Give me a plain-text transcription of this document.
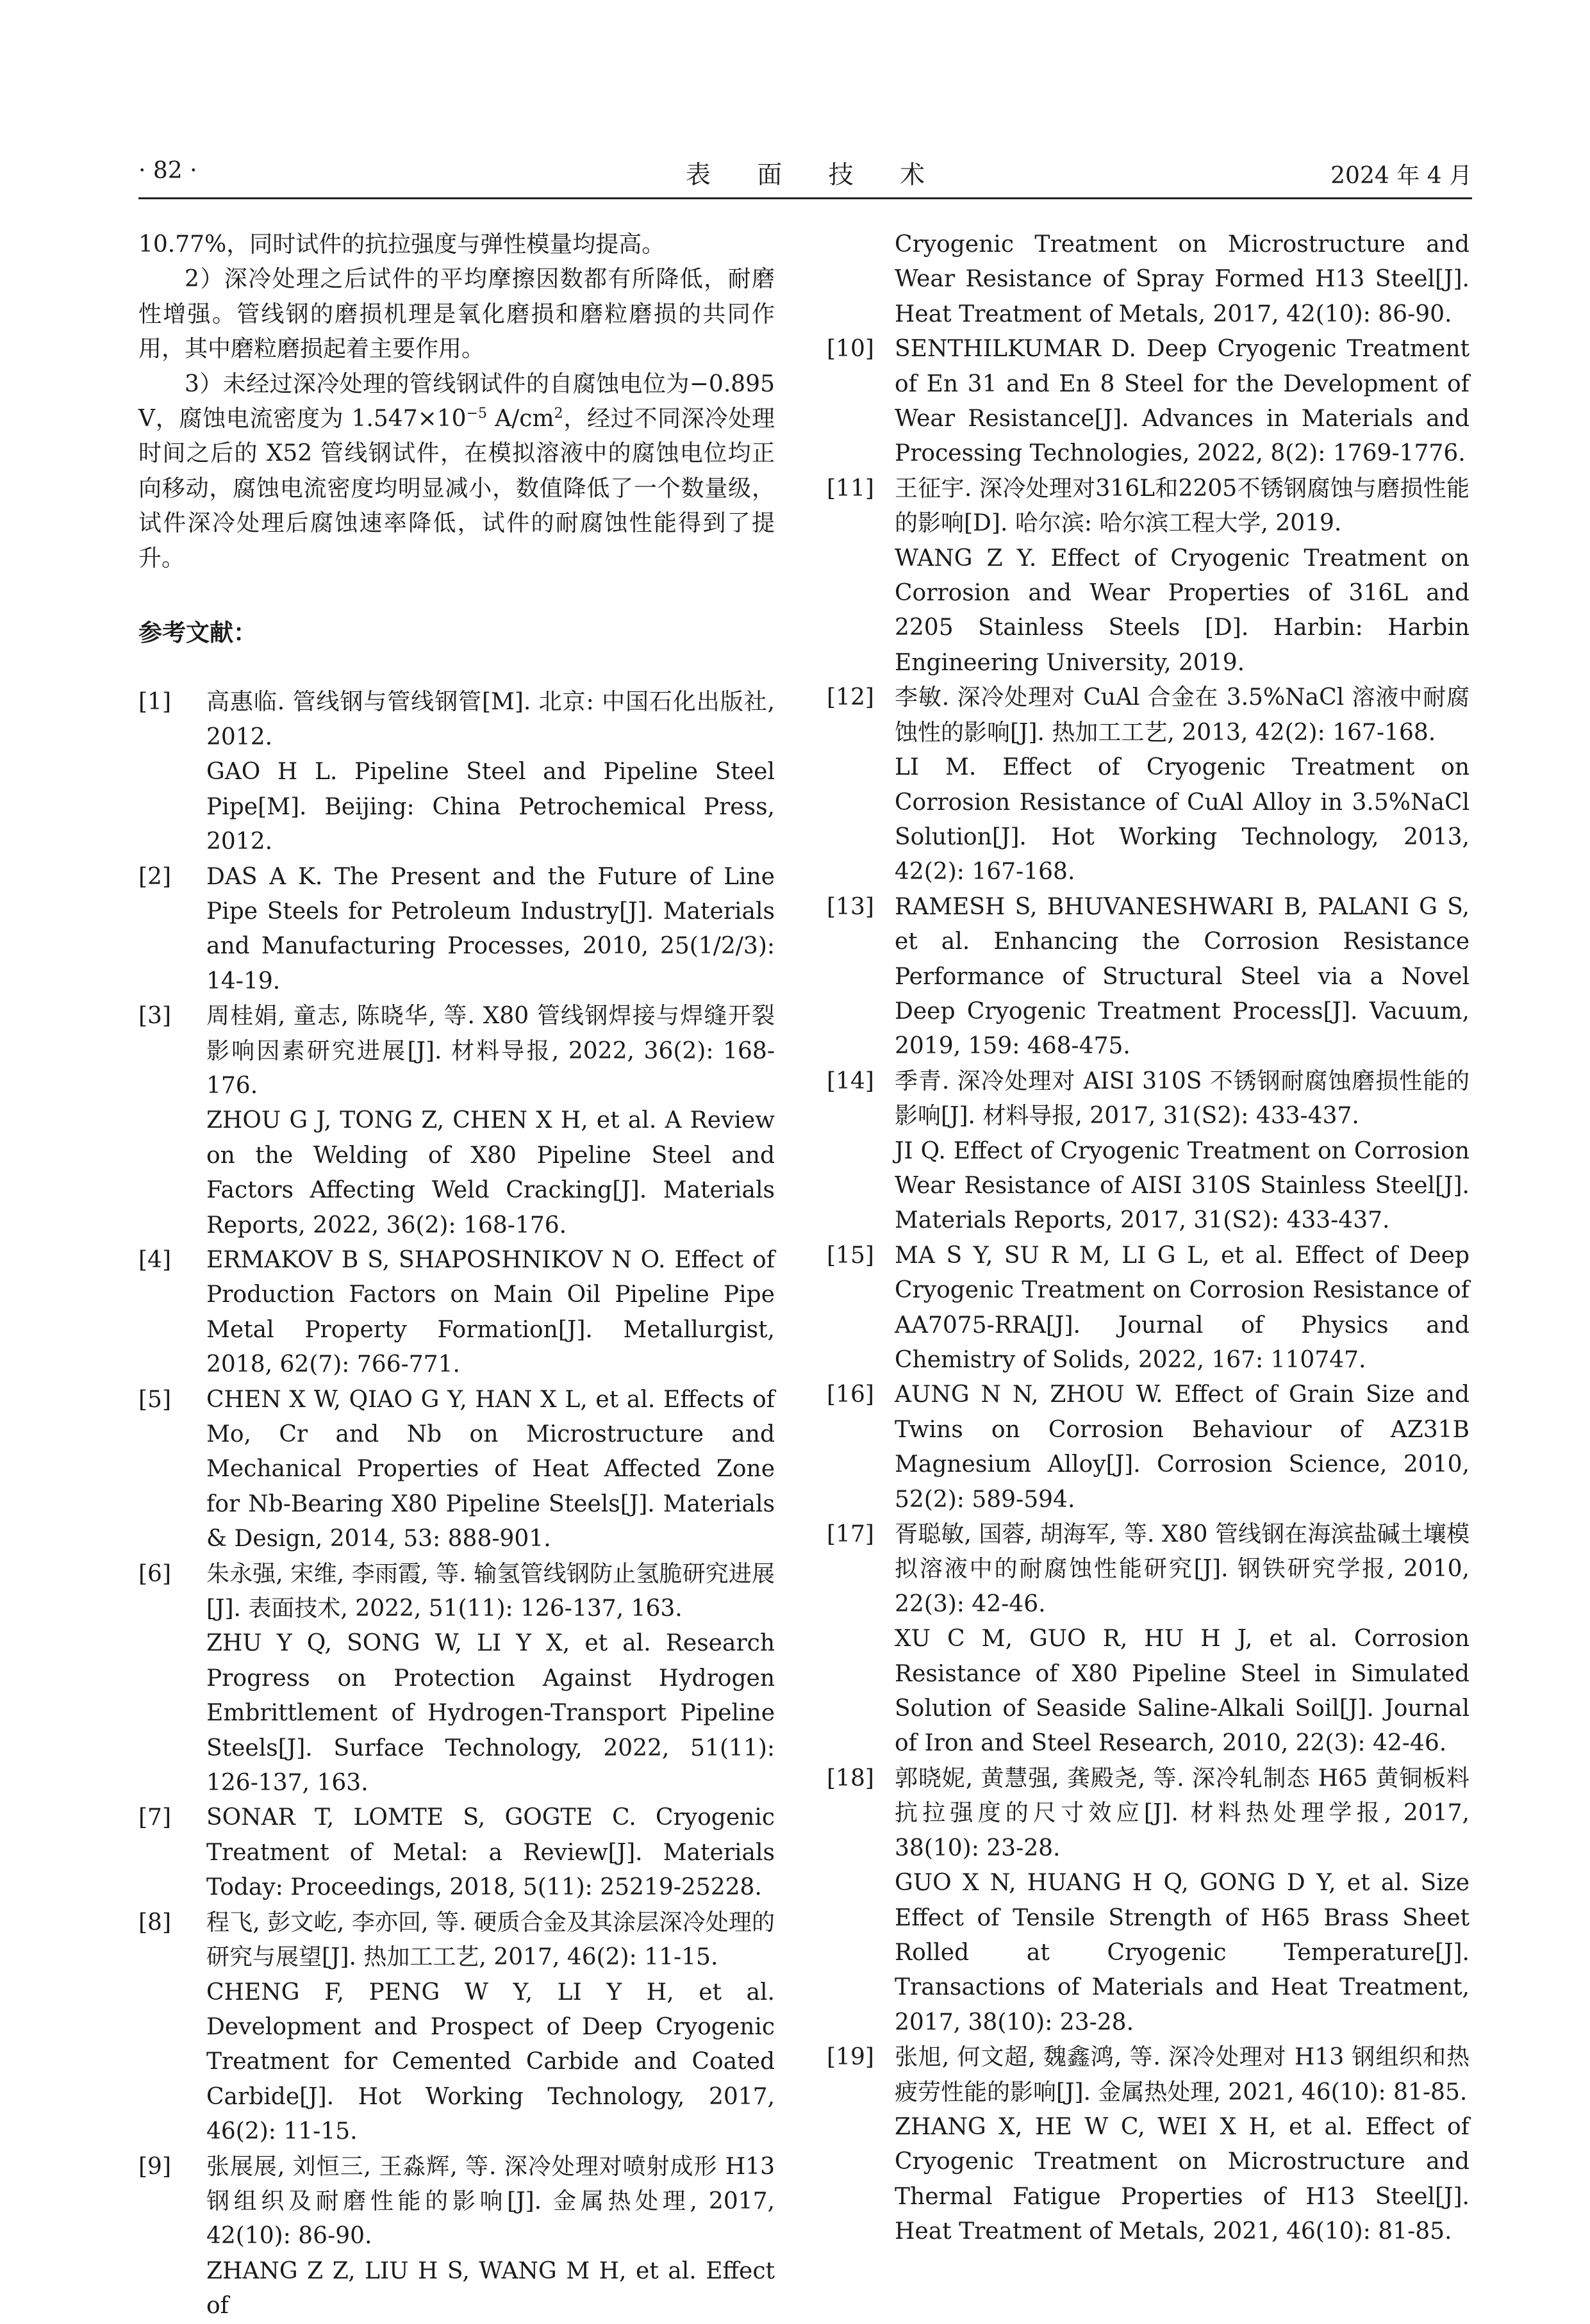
· 82 ·	表 面 技 术	2024 年 4 月
10.77%，同时试件的抗拉强度与弹性模量均提高。
2）深冷处理之后试件的平均摩擦因数都有所降低，耐磨性增强。管线钢的磨损机理是氧化磨损和磨粒磨损的共同作用，其中磨粒磨损起着主要作用。
3）未经过深冷处理的管线钢试件的自腐蚀电位为−0.895 V，腐蚀电流密度为 $1.547\times 10^{-5}$ $A/cm^2$，经过不同深冷处理时间之后的 X52 管线钢试件，在模拟溶液中的腐蚀电位均正向移动，腐蚀电流密度均明显减小，数值降低了一个数量级，试件深冷处理后腐蚀速率降低，试件的耐腐蚀性能得到了提升。
参考文献：
[1] 高惠临. 管线钢与管线钢管[M]. 北京: 中国石化出版社, 2012.
GAO H L. Pipeline Steel and Pipeline Steel Pipe[M]. Beijing: China Petrochemical Press, 2012.
[2] DAS A K. The Present and the Future of Line Pipe Steels for Petroleum Industry[J]. Materials and Manufacturing Processes, 2010, 25(1/2/3): 14-19.
[3] 周桂娟, 童志, 陈晓华, 等. X80 管线钢焊接与焊缝开裂影响因素研究进展[J]. 材料导报, 2022, 36(2): 168-176.
ZHOU G J, TONG Z, CHEN X H, et al. A Review on the Welding of X80 Pipeline Steel and Factors Affecting Weld Cracking[J]. Materials Reports, 2022, 36(2): 168-176.
[4] ERMAKOV B S, SHAPOSHNIKOV N O. Effect of Production Factors on Main Oil Pipeline Pipe Metal Property Formation[J]. Metallurgist, 2018, 62(7): 766-771.
[5] CHEN X W, QIAO G Y, HAN X L, et al. Effects of Mo, Cr and Nb on Microstructure and Mechanical Properties of Heat Affected Zone for Nb-Bearing X80 Pipeline Steels[J]. Materials & Design, 2014, 53: 888-901.
[6] 朱永强, 宋维, 李雨霞, 等. 输氢管线钢防止氢脆研究进展[J]. 表面技术, 2022, 51(11): 126-137, 163.
ZHU Y Q, SONG W, LI Y X, et al. Research Progress on Protection Against Hydrogen Embrittlement of Hydrogen-Transport Pipeline Steels[J]. Surface Technology, 2022, 51(11): 126-137, 163.
[7] SONAR T, LOMTE S, GOGTE C. Cryogenic Treatment of Metal: a Review[J]. Materials Today: Proceedings, 2018, 5(11): 25219-25228.
[8] 程飞, 彭文屹, 李亦回, 等. 硬质合金及其涂层深冷处理的研究与展望[J]. 热加工工艺, 2017, 46(2): 11-15.
CHENG F, PENG W Y, LI Y H, et al. Development and Prospect of Deep Cryogenic Treatment for Cemented Carbide and Coated Carbide[J]. Hot Working Technology, 2017, 46(2): 11-15.
[9] 张展展, 刘恒三, 王淼辉, 等. 深冷处理对喷射成形 H13 钢组织及耐磨性能的影响[J]. 金属热处理, 2017, 42(10): 86-90.
ZHANG Z Z, LIU H S, WANG M H, et al. Effect of
Cryogenic Treatment on Microstructure and Wear Resistance of Spray Formed H13 Steel[J]. Heat Treatment of Metals, 2017, 42(10): 86-90.
[10] SENTHILKUMAR D. Deep Cryogenic Treatment of En 31 and En 8 Steel for the Development of Wear Resistance[J]. Advances in Materials and Processing Technologies, 2022, 8(2): 1769-1776.
[11] 王征宇. 深冷处理对316L和2205不锈钢腐蚀与磨损性能的影响[D]. 哈尔滨: 哈尔滨工程大学, 2019.
WANG Z Y. Effect of Cryogenic Treatment on Corrosion and Wear Properties of 316L and 2205 Stainless Steels [D]. Harbin: Harbin Engineering University, 2019.
[12] 李敏. 深冷处理对 CuAl 合金在 3.5%NaCl 溶液中耐腐蚀性的影响[J]. 热加工工艺, 2013, 42(2): 167-168.
LI M. Effect of Cryogenic Treatment on Corrosion Resistance of CuAl Alloy in 3.5%NaCl Solution[J]. Hot Working Technology, 2013, 42(2): 167-168.
[13] RAMESH S, BHUVANESHWARI B, PALANI G S, et al. Enhancing the Corrosion Resistance Performance of Structural Steel via a Novel Deep Cryogenic Treatment Process[J]. Vacuum, 2019, 159: 468-475.
[14] 季青. 深冷处理对 AISI 310S 不锈钢耐腐蚀磨损性能的影响[J]. 材料导报, 2017, 31(S2): 433-437.
JI Q. Effect of Cryogenic Treatment on Corrosion Wear Resistance of AISI 310S Stainless Steel[J]. Materials Reports, 2017, 31(S2): 433-437.
[15] MA S Y, SU R M, LI G L, et al. Effect of Deep Cryogenic Treatment on Corrosion Resistance of AA7075-RRA[J]. Journal of Physics and Chemistry of Solids, 2022, 167: 110747.
[16] AUNG N N, ZHOU W. Effect of Grain Size and Twins on Corrosion Behaviour of AZ31B Magnesium Alloy[J]. Corrosion Science, 2010, 52(2): 589-594.
[17] 胥聪敏, 国蓉, 胡海军, 等. X80 管线钢在海滨盐碱土壤模拟溶液中的耐腐蚀性能研究[J]. 钢铁研究学报, 2010, 22(3): 42-46.
XU C M, GUO R, HU H J, et al. Corrosion Resistance of X80 Pipeline Steel in Simulated Solution of Seaside Saline-Alkali Soil[J]. Journal of Iron and Steel Research, 2010, 22(3): 42-46.
[18] 郭晓妮, 黄慧强, 龚殿尧, 等. 深冷轧制态 H65 黄铜板料抗拉强度的尺寸效应[J]. 材料热处理学报, 2017, 38(10): 23-28.
GUO X N, HUANG H Q, GONG D Y, et al. Size Effect of Tensile Strength of H65 Brass Sheet Rolled at Cryogenic Temperature[J]. Transactions of Materials and Heat Treatment, 2017, 38(10): 23-28.
[19] 张旭, 何文超, 魏鑫鸿, 等. 深冷处理对 H13 钢组织和热疲劳性能的影响[J]. 金属热处理, 2021, 46(10): 81-85.
ZHANG X, HE W C, WEI X H, et al. Effect of Cryogenic Treatment on Microstructure and Thermal Fatigue Properties of H13 Steel[J]. Heat Treatment of Metals, 2021, 46(10): 81-85.
